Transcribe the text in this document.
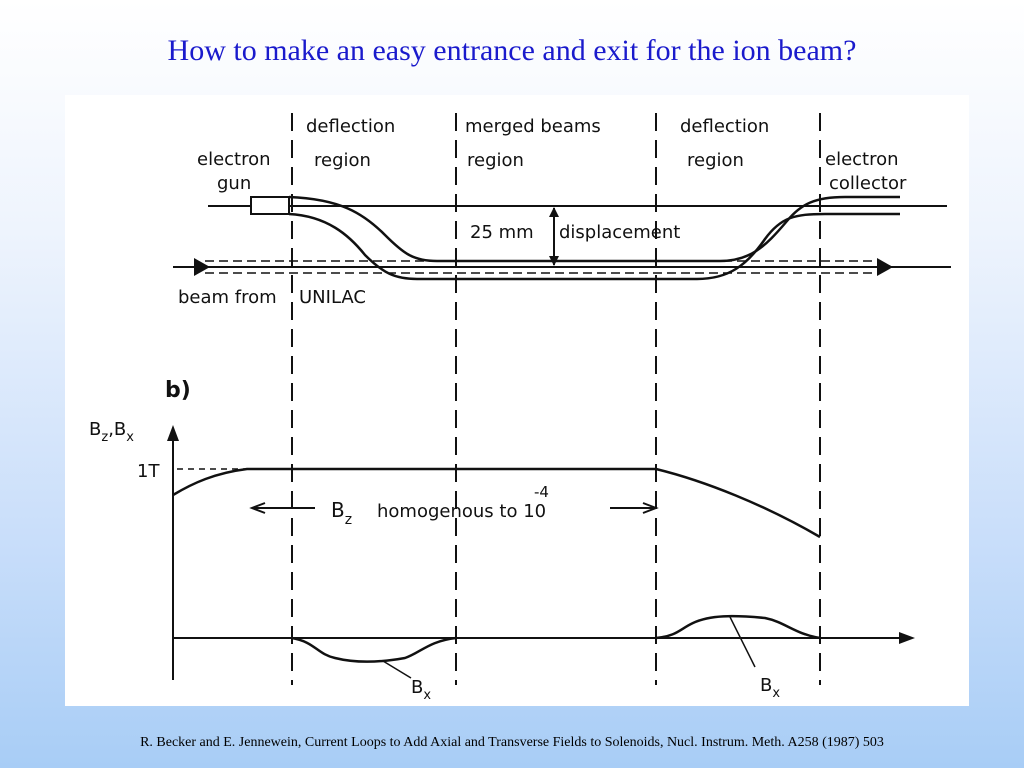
How to make an easy entrance and exit for the ion beam?
electron
gun
deflection
region
merged beams
region
deflection
region	electron
collector
25 mm displacement
beam from UNILAC
b)
$B_z,B_x$
1T
$B_z$ homogenous to 10
-4
$B_x$	$B_x$
R. Becker and E. Jennewein, Current Loops to Add Axial and Transverse Fields to Solenoids, Nucl. Instrum. Meth. A258 (1987) 503
